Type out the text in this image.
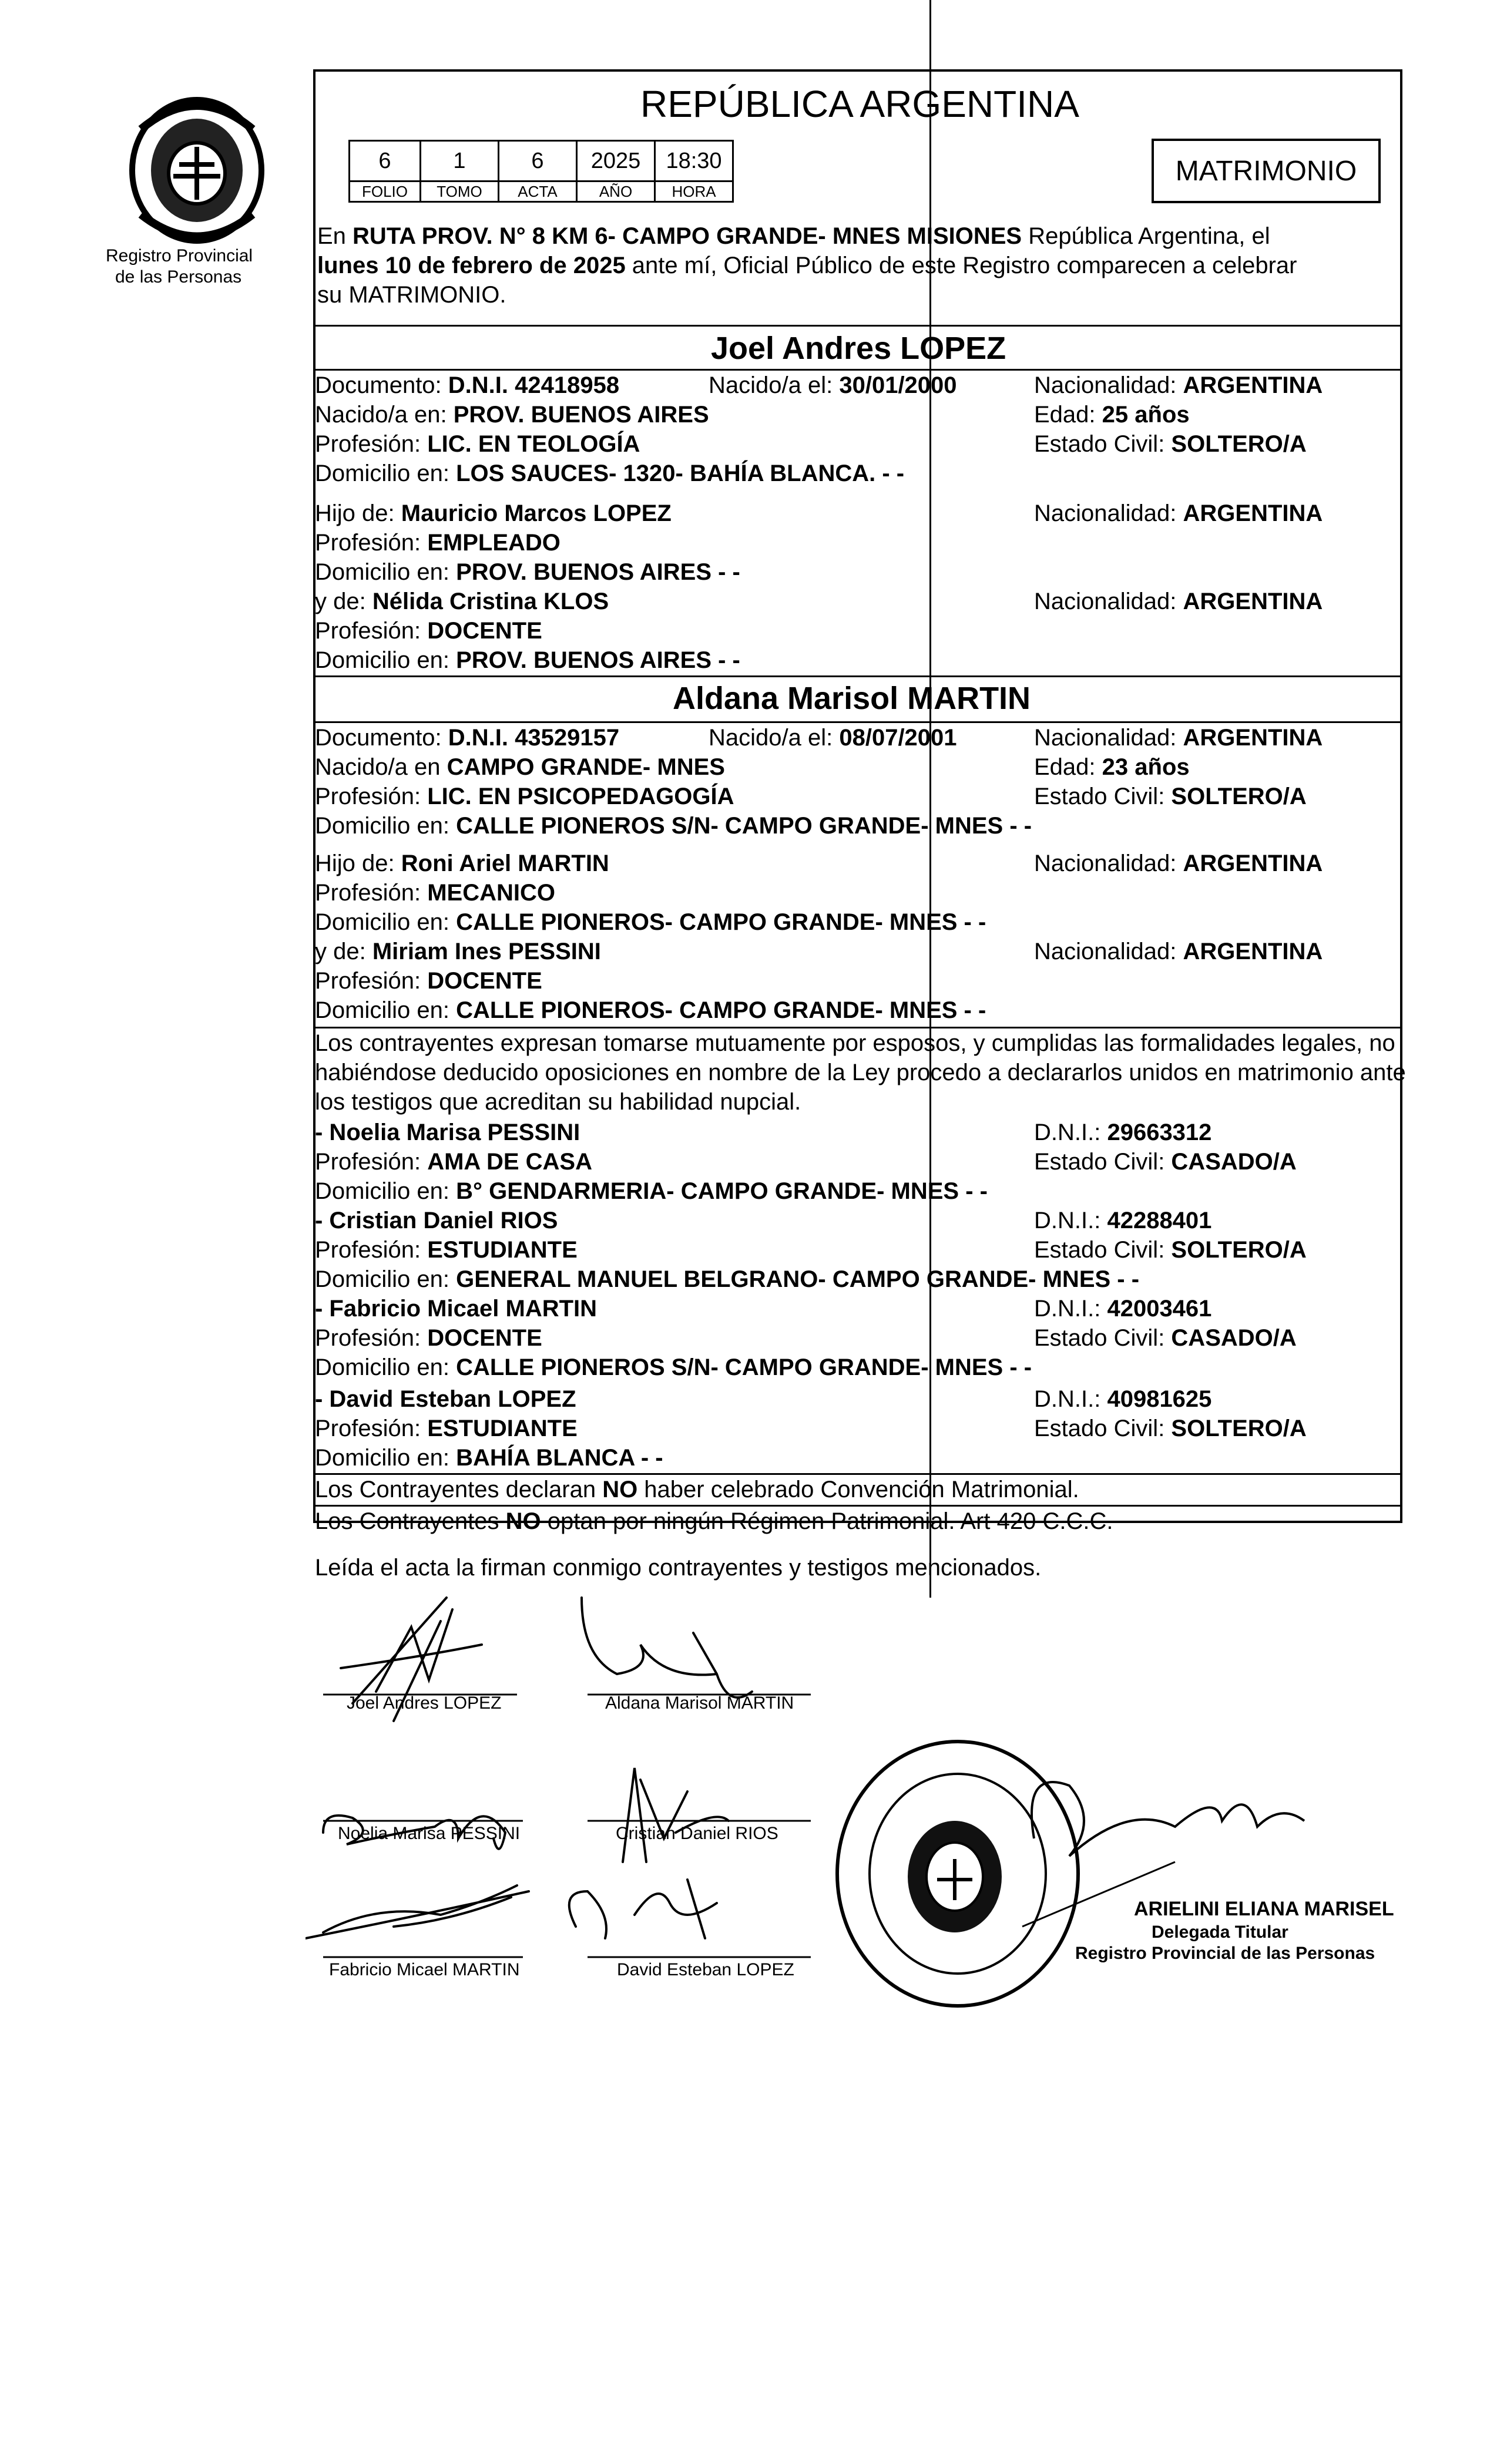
Registro Provincial
de las Personas
REPÚBLICA ARGENTINA
6	1	6	2025	18:30
FOLIO	TOMO	ACTA	AÑO	HORA
MATRIMONIO
En RUTA PROV. N° 8 KM 6- CAMPO GRANDE- MNES MISIONES República Argentina, el
lunes 10 de febrero de 2025 ante mí, Oficial Público de este Registro comparecen a celebrar
su MATRIMONIO.
Joel Andres LOPEZ
Documento: D.N.I. 42418958	Nacido/a el: 30/01/2000	Nacionalidad: ARGENTINA
Nacido/a en: PROV. BUENOS AIRES	Edad: 25 años
Profesión: LIC. EN TEOLOGÍA	Estado Civil: SOLTERO/A
Domicilio en: LOS SAUCES- 1320- BAHÍA BLANCA. - -
Hijo de: Mauricio Marcos LOPEZ	Nacionalidad: ARGENTINA
Profesión: EMPLEADO
Domicilio en: PROV. BUENOS AIRES - -
y de: Nélida Cristina KLOS	Nacionalidad: ARGENTINA
Profesión: DOCENTE
Domicilio en: PROV. BUENOS AIRES - -
Aldana Marisol MARTIN
Documento: D.N.I. 43529157	Nacido/a el: 08/07/2001	Nacionalidad: ARGENTINA
Nacido/a en CAMPO GRANDE- MNES	Edad: 23 años
Profesión: LIC. EN PSICOPEDAGOGÍA	Estado Civil: SOLTERO/A
Domicilio en: CALLE PIONEROS S/N- CAMPO GRANDE- MNES - -
Hijo de: Roni Ariel MARTIN	Nacionalidad: ARGENTINA
Profesión: MECANICO
Domicilio en: CALLE PIONEROS- CAMPO GRANDE- MNES - -
y de: Miriam Ines PESSINI	Nacionalidad: ARGENTINA
Profesión: DOCENTE
Domicilio en: CALLE PIONEROS- CAMPO GRANDE- MNES - -
Los contrayentes expresan tomarse mutuamente por esposos, y cumplidas las formalidades legales, no
habiéndose deducido oposiciones en nombre de la Ley procedo a declararlos unidos en matrimonio ante
los testigos que acreditan su habilidad nupcial.
- Noelia Marisa PESSINI	D.N.I.: 29663312
Profesión: AMA DE CASA	Estado Civil: CASADO/A
Domicilio en: B° GENDARMERIA- CAMPO GRANDE- MNES - -
- Cristian Daniel RIOS	D.N.I.: 42288401
Profesión: ESTUDIANTE	Estado Civil: SOLTERO/A
Domicilio en: GENERAL MANUEL BELGRANO- CAMPO GRANDE- MNES - -
- Fabricio Micael MARTIN	D.N.I.: 42003461
Profesión: DOCENTE	Estado Civil: CASADO/A
Domicilio en: CALLE PIONEROS S/N- CAMPO GRANDE- MNES - -
- David Esteban LOPEZ	D.N.I.: 40981625
Profesión: ESTUDIANTE	Estado Civil: SOLTERO/A
Domicilio en: BAHÍA BLANCA - -
Los Contrayentes declaran NO haber celebrado Convención Matrimonial.
Los Contrayentes NO optan por ningún Régimen Patrimonial. Art 420 C.C.C.
Leída el acta la firman conmigo contrayentes y testigos mencionados.
Joel Andres LOPEZ	Aldana Marisol MARTIN
Noelia Marisa PESSINI	Cristian Daniel RIOS
Fabricio Micael MARTIN	David Esteban LOPEZ
ARIELINI ELIANA MARISEL
Delegada Titular
Registro Provincial de las Personas
